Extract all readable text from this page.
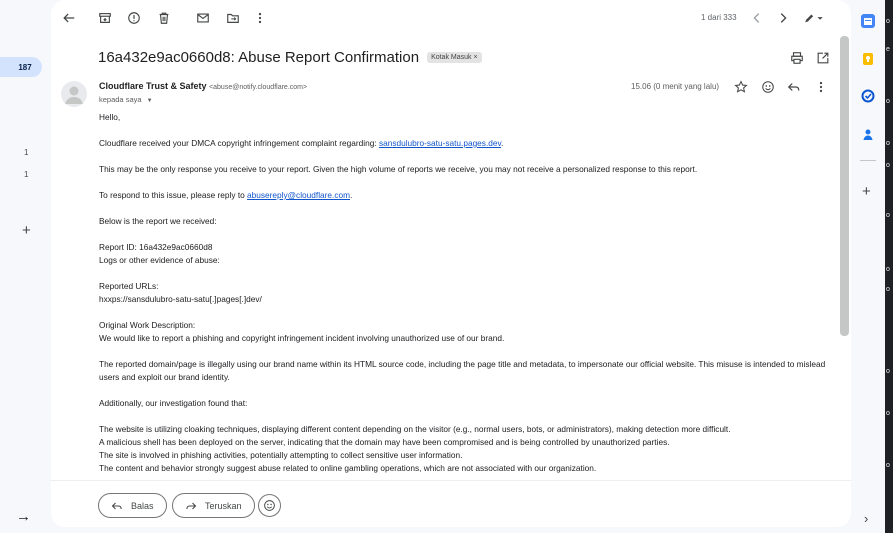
187
1
1
+
→
1 dari 333
16a432e9ac0660d8: Abuse Report Confirmation	Kotak Masuk ×
Cloudflare Trust & Safety <abuse@notify.cloudflare.com>
kepada saya ▼
15.06 (0 menit yang lalu)

Hello,

Cloudflare received your DMCA copyright infringement complaint regarding: sansdulubro-satu-satu.pages.dev.

This may be the only response you receive to your report. Given the high volume of reports we receive, you may not receive a personalized response to this report.

To respond to this issue, please reply to abusereply@cloudflare.com.

Below is the report we received:

Report ID: 16a432e9ac0660d8
Logs or other evidence of abuse:

Reported URLs:
hxxps://sansdulubro-satu-satu[.]pages[.]dev/

Original Work Description:
We would like to report a phishing and copyright infringement incident involving unauthorized use of our brand.

The reported domain/page is illegally using our brand name within its HTML source code, including the page title and metadata, to impersonate our official website. This misuse is intended to mislead users and exploit our brand identity.

Additionally, our investigation found that:

The website is utilizing cloaking techniques, displaying different content depending on the visitor (e.g., normal users, bots, or administrators), making detection more difficult.
A malicious shell has been deployed on the server, indicating that the domain may have been compromised and is being controlled by unauthorized parties.
The site is involved in phishing activities, potentially attempting to collect sensitive user information.
The content and behavior strongly suggest abuse related to online gambling operations, which are not associated with our organization.

Balas	Teruskan
+
›
o
e
o
o
o
o
o
o
o
o
o
